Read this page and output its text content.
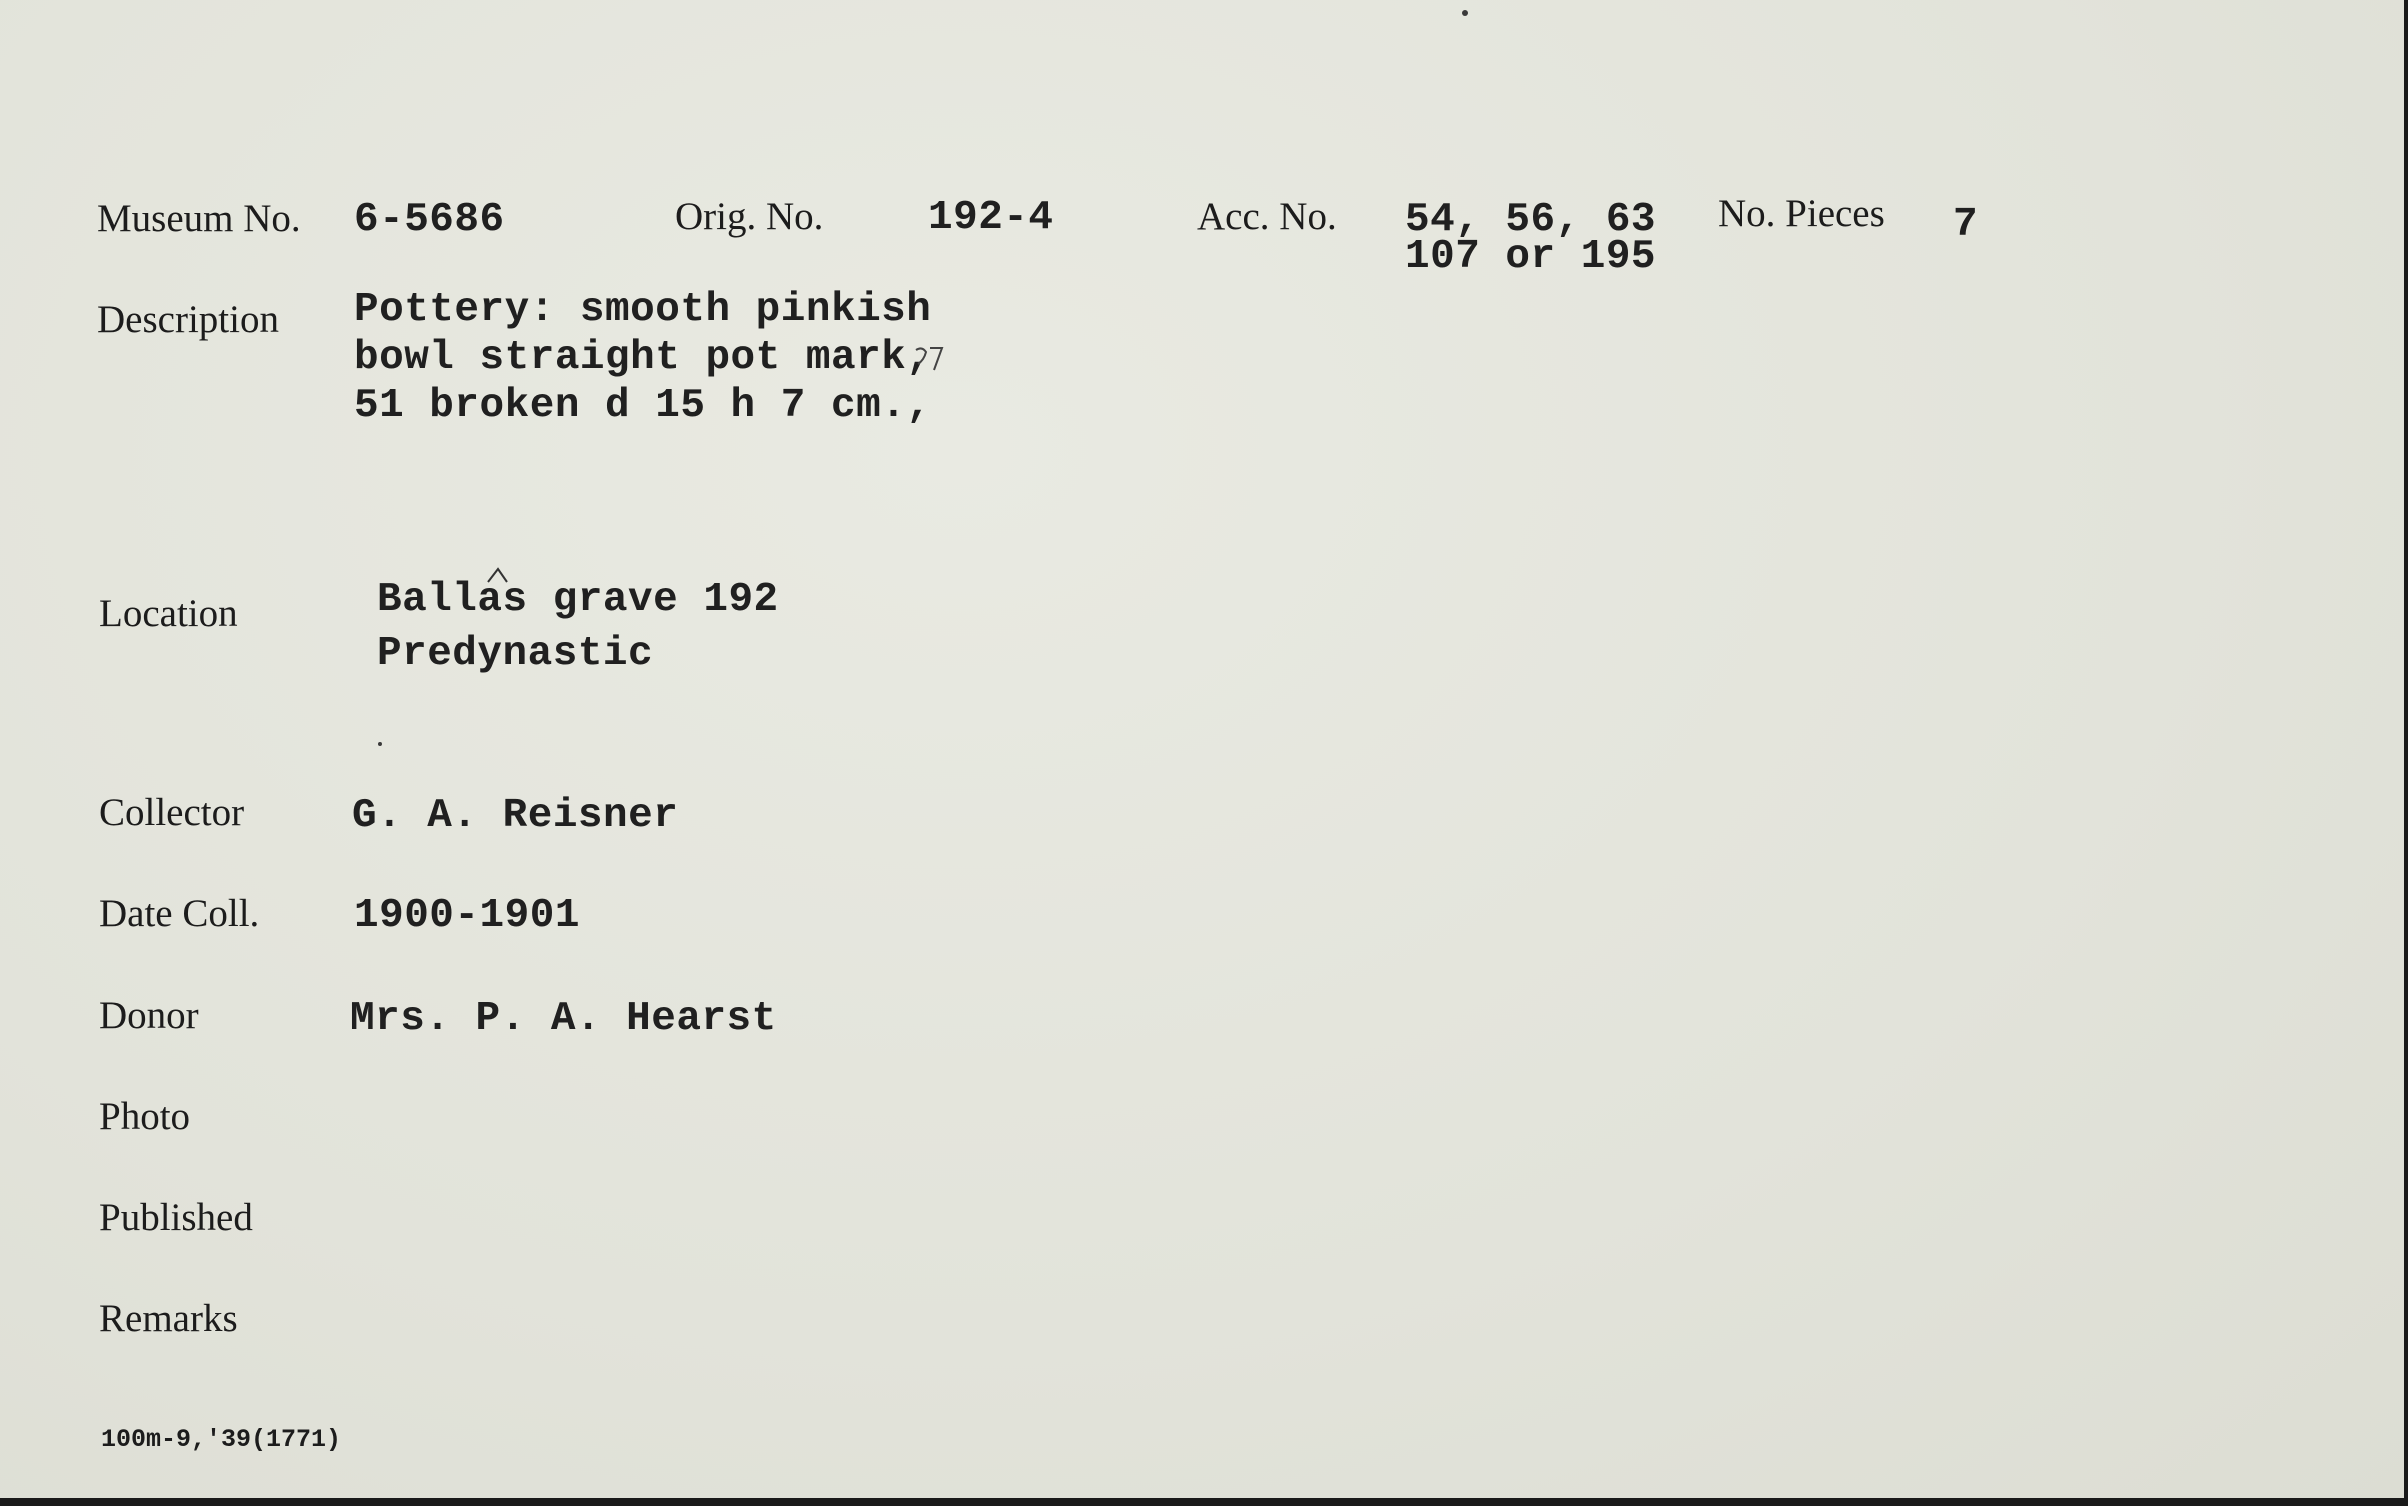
Museum No. 6-5686	Orig. No.	192-4	Acc. No. 54, 56, 63
107 or 195
No. Pieces 7
Description Pottery: smooth pinkish
bowl straight pot mark,
51 broken d 15 h 7 cm.,
Location	Ballas grave 192
Predynastic
Collector	G. A. Reisner
Date Coll. 1900-1901
Donor	Mrs. P. A. Hearst
Photo
Published
Remarks
100m-9,'39(1771)
